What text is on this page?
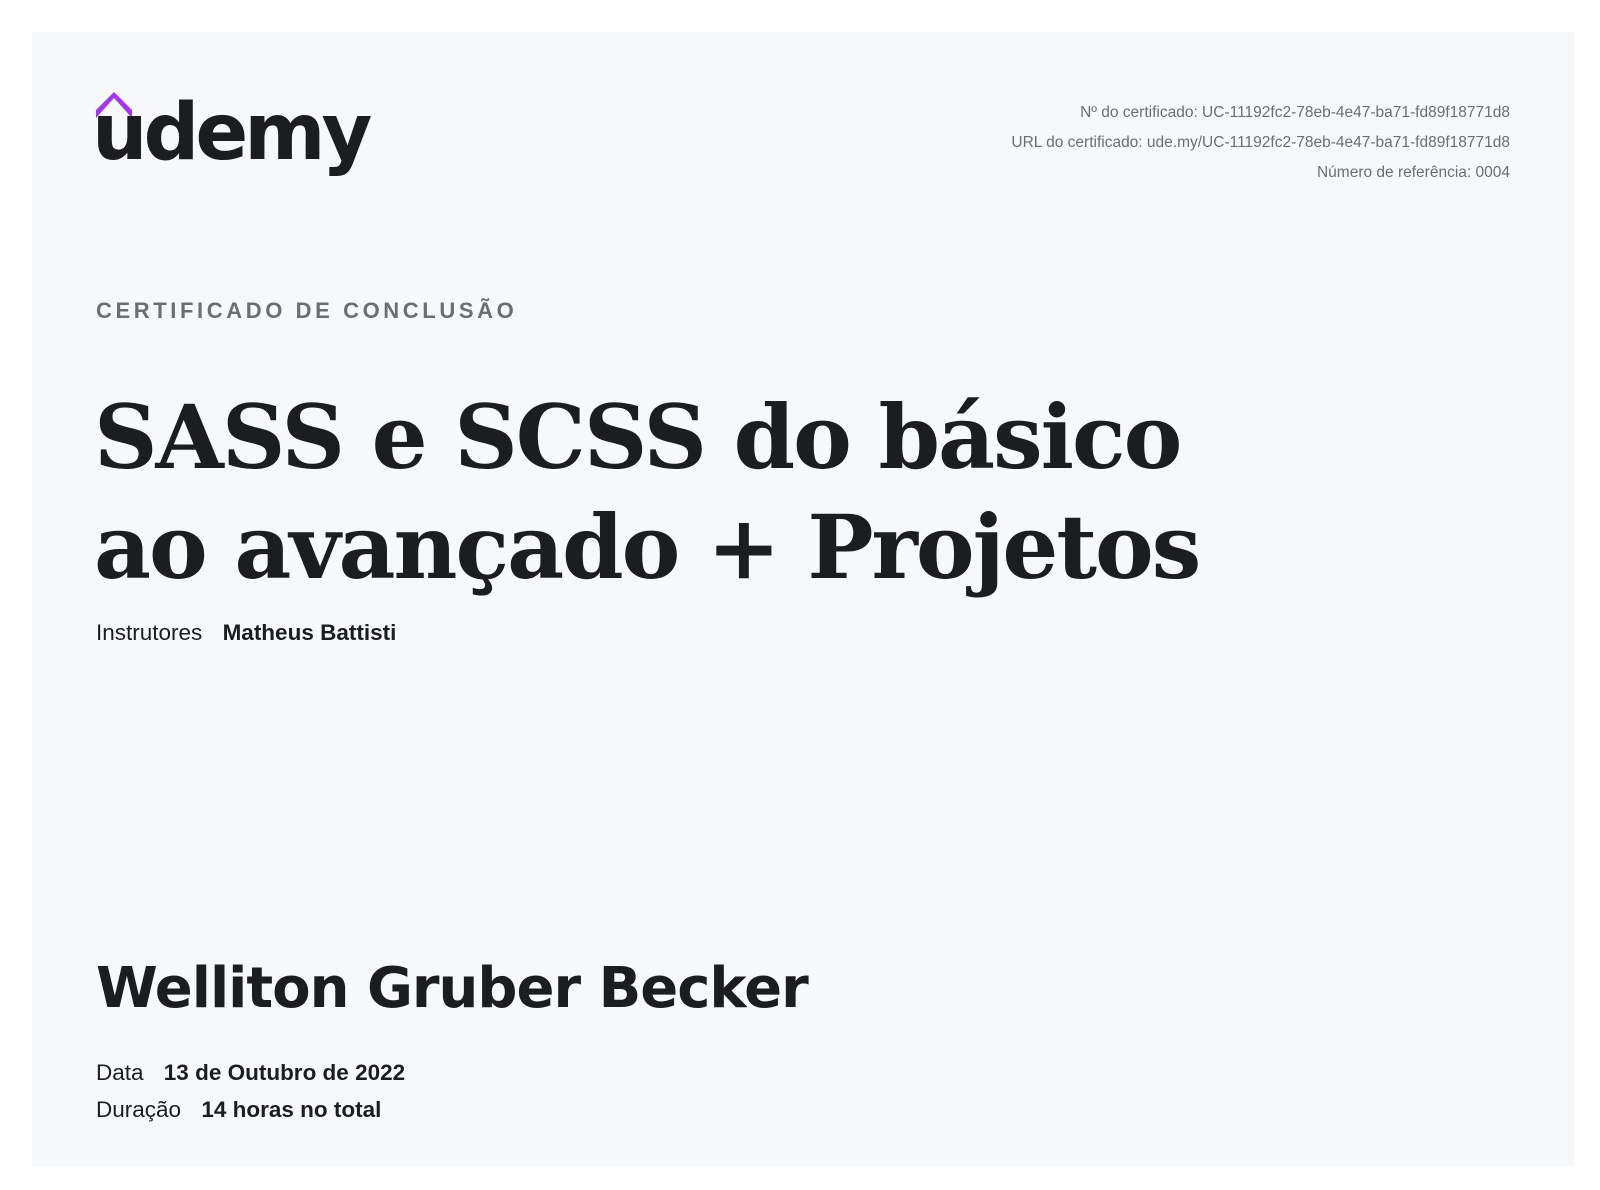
udemy	Nº do certificado: UC-11192fc2-78eb-4e47-ba71-fd89f18771d8
URL do certificado: ude.my/UC-11192fc2-78eb-4e47-ba71-fd89f18771d8
Número de referência: 0004
CERTIFICADO DE CONCLUSÃO
SASS e SCSS do básico ao avançado + Projetos
Instrutores Matheus Battisti
Welliton Gruber Becker
Data 13 de Outubro de 2022
Duração 14 horas no total
